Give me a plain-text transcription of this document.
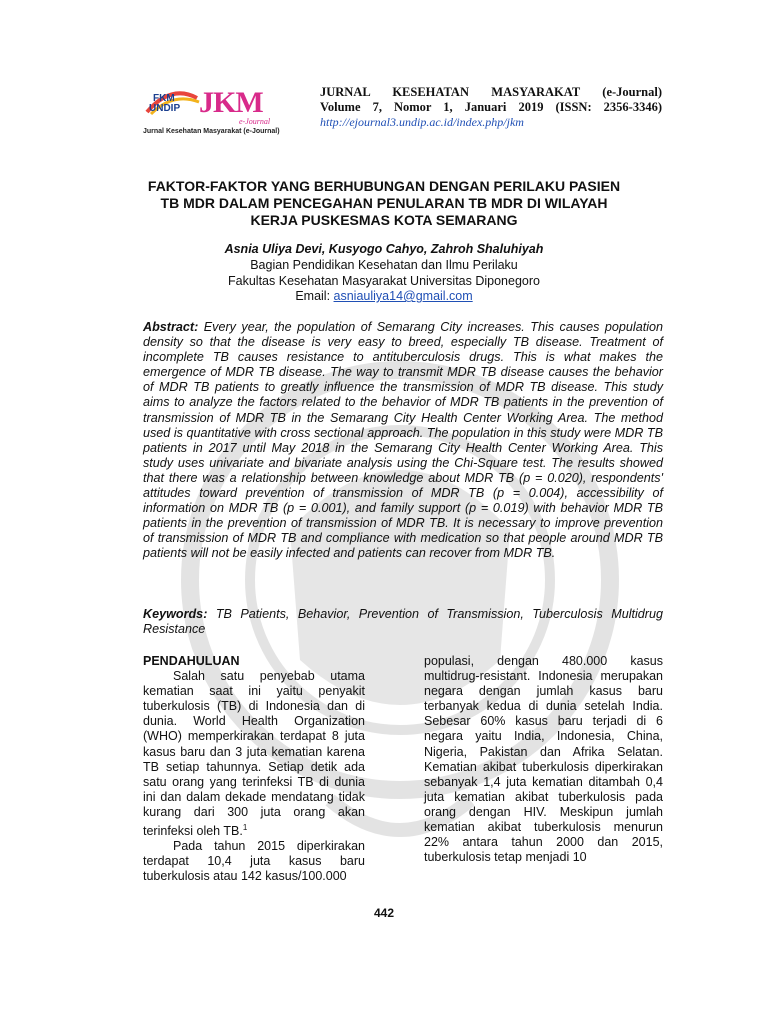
FKM
UNDIP JKM
e-Journal
Jurnal Kesehatan Masyarakat (e-Journal)
JURNAL KESEHATAN MASYARAKAT (e-Journal)
Volume 7, Nomor 1, Januari 2019 (ISSN: 2356-3346)
http://ejournal3.undip.ac.id/index.php/jkm
FAKTOR-FAKTOR YANG BERHUBUNGAN DENGAN PERILAKU PASIEN TB MDR DALAM PENCEGAHAN PENULARAN TB MDR DI WILAYAH KERJA PUSKESMAS KOTA SEMARANG
Asnia Uliya Devi, Kusyogo Cahyo, Zahroh Shaluhiyah
Bagian Pendidikan Kesehatan dan Ilmu Perilaku
Fakultas Kesehatan Masyarakat Universitas Diponegoro
Email: asniauliya14@gmail.com
Abstract: Every year, the population of Semarang City increases. This causes population density so that the disease is very easy to breed, especially TB disease. Treatment of incomplete TB causes resistance to antituberculosis drugs. This is what makes the emergence of MDR TB disease. The way to transmit MDR TB disease causes the behavior of MDR TB patients to greatly influence the transmission of MDR TB disease. This study aims to analyze the factors related to the behavior of MDR TB patients in the prevention of transmission of MDR TB in the Semarang City Health Center Working Area. The method used is quantitative with cross sectional approach. The population in this study were MDR TB patients in 2017 until May 2018 in the Semarang City Health Center Working Area. This study uses univariate and bivariate analysis using the Chi-Square test. The results showed that there was a relationship between knowledge about MDR TB (p = 0.020), respondents' attitudes toward prevention of transmission of MDR TB (p = 0.004), accessibility of information on MDR TB (p = 0.001), and family support (p = 0.019) with behavior MDR TB patients in the prevention of transmission of MDR TB. It is necessary to improve prevention of transmission of MDR TB and compliance with medication so that people around MDR TB patients will not be easily infected and patients can recover from MDR TB.
Keywords: TB Patients, Behavior, Prevention of Transmission, Tuberculosis Multidrug Resistance

PENDAHULUAN

Salah satu penyebab utama kematian saat ini yaitu penyakit tuberkulosis (TB) di Indonesia dan di dunia. World Health Organization (WHO) memperkirakan terdapat 8 juta kasus baru dan 3 juta kematian karena TB setiap tahunnya. Setiap detik ada satu orang yang terinfeksi TB di dunia ini dan dalam dekade mendatang tidak kurang dari 300 juta orang akan terinfeksi oleh TB.$^1$

Pada tahun 2015 diperkirakan terdapat 10,4 juta kasus baru tuberkulosis atau 142 kasus/100.000

populasi, dengan 480.000 kasus multidrug-resistant. Indonesia merupakan negara dengan jumlah kasus baru terbanyak kedua di dunia setelah India. Sebesar 60% kasus baru terjadi di 6 negara yaitu India, Indonesia, China, Nigeria, Pakistan dan Afrika Selatan. Kematian akibat tuberkulosis diperkirakan sebanyak 1,4 juta kematian ditambah 0,4 juta kematian akibat tuberkulosis pada orang dengan HIV. Meskipun jumlah kematian akibat tuberkulosis menurun 22% antara tahun 2000 dan 2015, tuberkulosis tetap menjadi 10

442
